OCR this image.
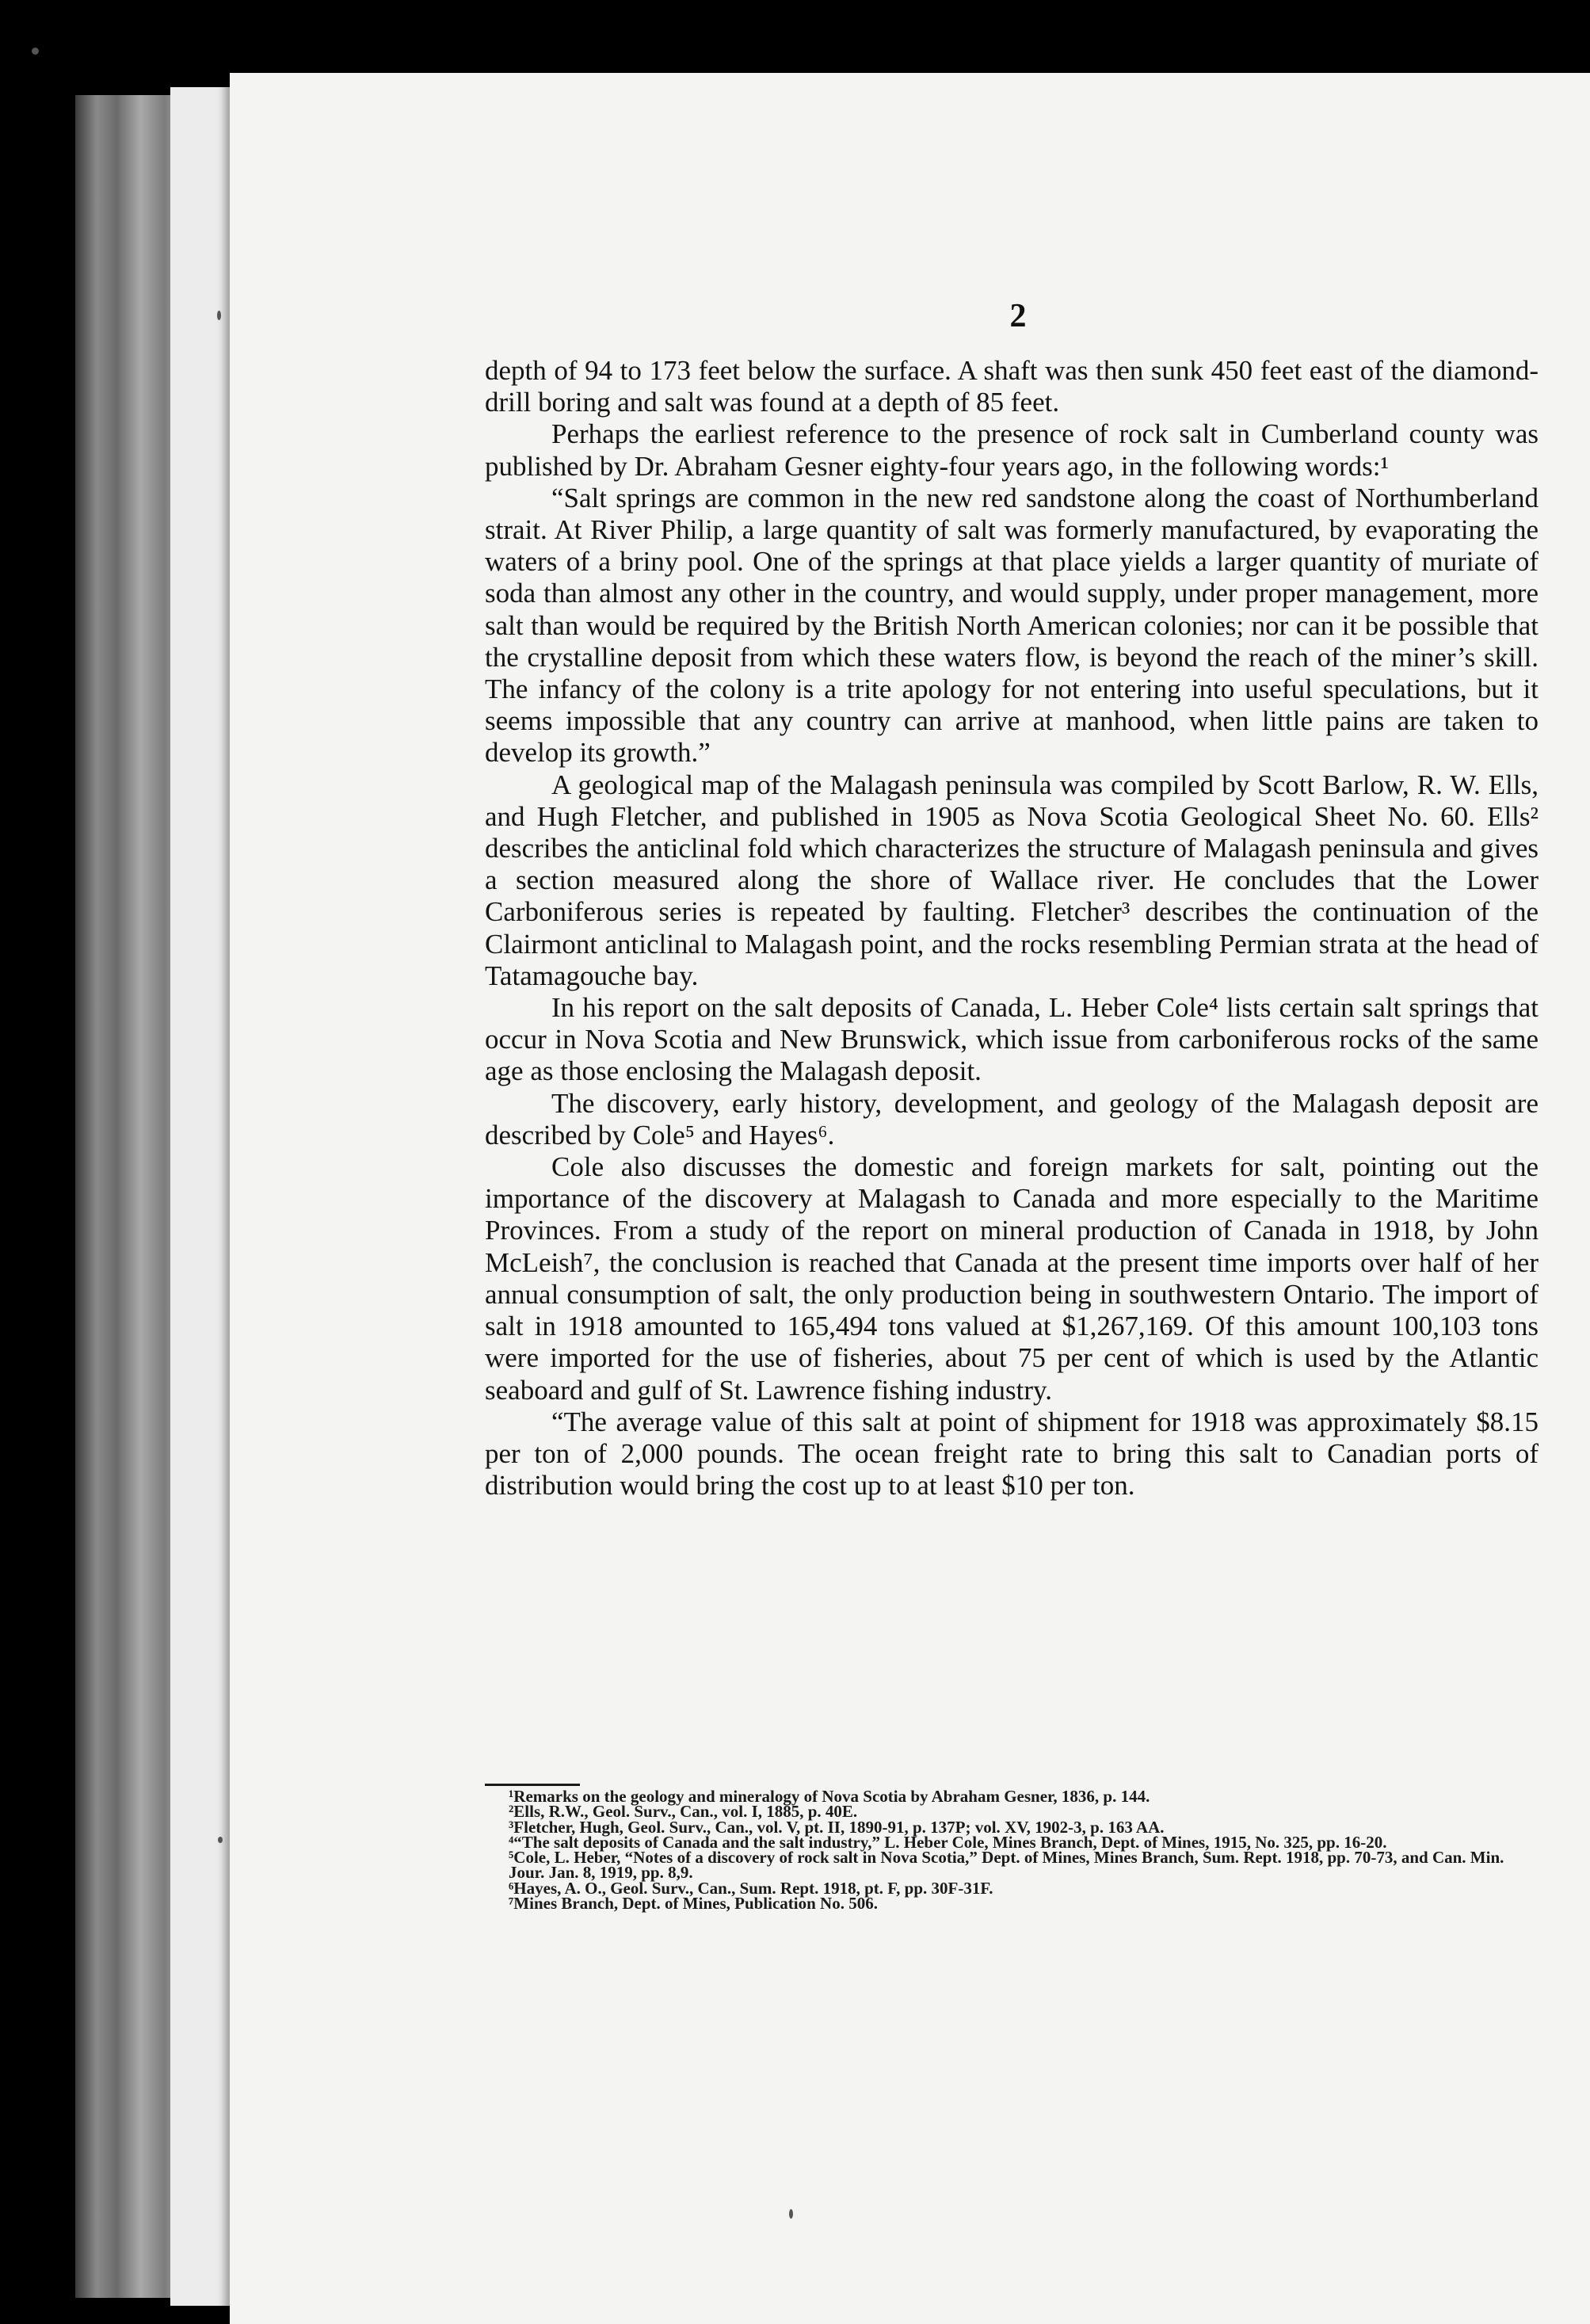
2

depth of 94 to 173 feet below the surface. A shaft was then sunk 450 feet east of the diamond-drill boring and salt was found at a depth of 85 feet.

Perhaps the earliest reference to the presence of rock salt in Cumberland county was published by Dr. Abraham Gesner eighty-four years ago, in the following words:¹

“Salt springs are common in the new red sandstone along the coast of Northumberland strait. At River Philip, a large quantity of salt was formerly manufactured, by evaporating the waters of a briny pool. One of the springs at that place yields a larger quantity of muriate of soda than almost any other in the country, and would supply, under proper management, more salt than would be required by the British North American colonies; nor can it be possible that the crystalline deposit from which these waters flow, is beyond the reach of the miner’s skill. The infancy of the colony is a trite apology for not entering into useful speculations, but it seems impossible that any country can arrive at manhood, when little pains are taken to develop its growth.”

A geological map of the Malagash peninsula was compiled by Scott Barlow, R. W. Ells, and Hugh Fletcher, and published in 1905 as Nova Scotia Geological Sheet No. 60. Ells² describes the anticlinal fold which characterizes the structure of Malagash peninsula and gives a section measured along the shore of Wallace river. He concludes that the Lower Carboniferous series is repeated by faulting. Fletcher³ describes the continuation of the Clairmont anticlinal to Malagash point, and the rocks resembling Permian strata at the head of Tatamagouche bay.

In his report on the salt deposits of Canada, L. Heber Cole⁴ lists certain salt springs that occur in Nova Scotia and New Brunswick, which issue from carboniferous rocks of the same age as those enclosing the Malagash deposit.

The discovery, early history, development, and geology of the Malagash deposit are described by Cole⁵ and Hayes⁶.

Cole also discusses the domestic and foreign markets for salt, pointing out the importance of the discovery at Malagash to Canada and more especially to the Maritime Provinces. From a study of the report on mineral production of Canada in 1918, by John McLeish⁷, the conclusion is reached that Canada at the present time imports over half of her annual consumption of salt, the only production being in southwestern Ontario. The import of salt in 1918 amounted to 165,494 tons valued at $1,267,169. Of this amount 100,103 tons were imported for the use of fisheries, about 75 per cent of which is used by the Atlantic seaboard and gulf of St. Lawrence fishing industry.

“The average value of this salt at point of shipment for 1918 was approximately $8.15 per ton of 2,000 pounds. The ocean freight rate to bring this salt to Canadian ports of distribution would bring the cost up to at least $10 per ton.

¹Remarks on the geology and mineralogy of Nova Scotia by Abraham Gesner, 1836, p. 144.

²Ells, R.W., Geol. Surv., Can., vol. I, 1885, p. 40E.

³Fletcher, Hugh, Geol. Surv., Can., vol. V, pt. II, 1890-91, p. 137P; vol. XV, 1902-3, p. 163 AA.

⁴“The salt deposits of Canada and the salt industry,” L. Heber Cole, Mines Branch, Dept. of Mines, 1915, No. 325, pp. 16-20.

⁵Cole, L. Heber, “Notes of a discovery of rock salt in Nova Scotia,” Dept. of Mines, Mines Branch, Sum. Rept. 1918, pp. 70-73, and Can. Min. Jour. Jan. 8, 1919, pp. 8,9.

⁶Hayes, A. O., Geol. Surv., Can., Sum. Rept. 1918, pt. F, pp. 30F-31F.

⁷Mines Branch, Dept. of Mines, Publication No. 506.
